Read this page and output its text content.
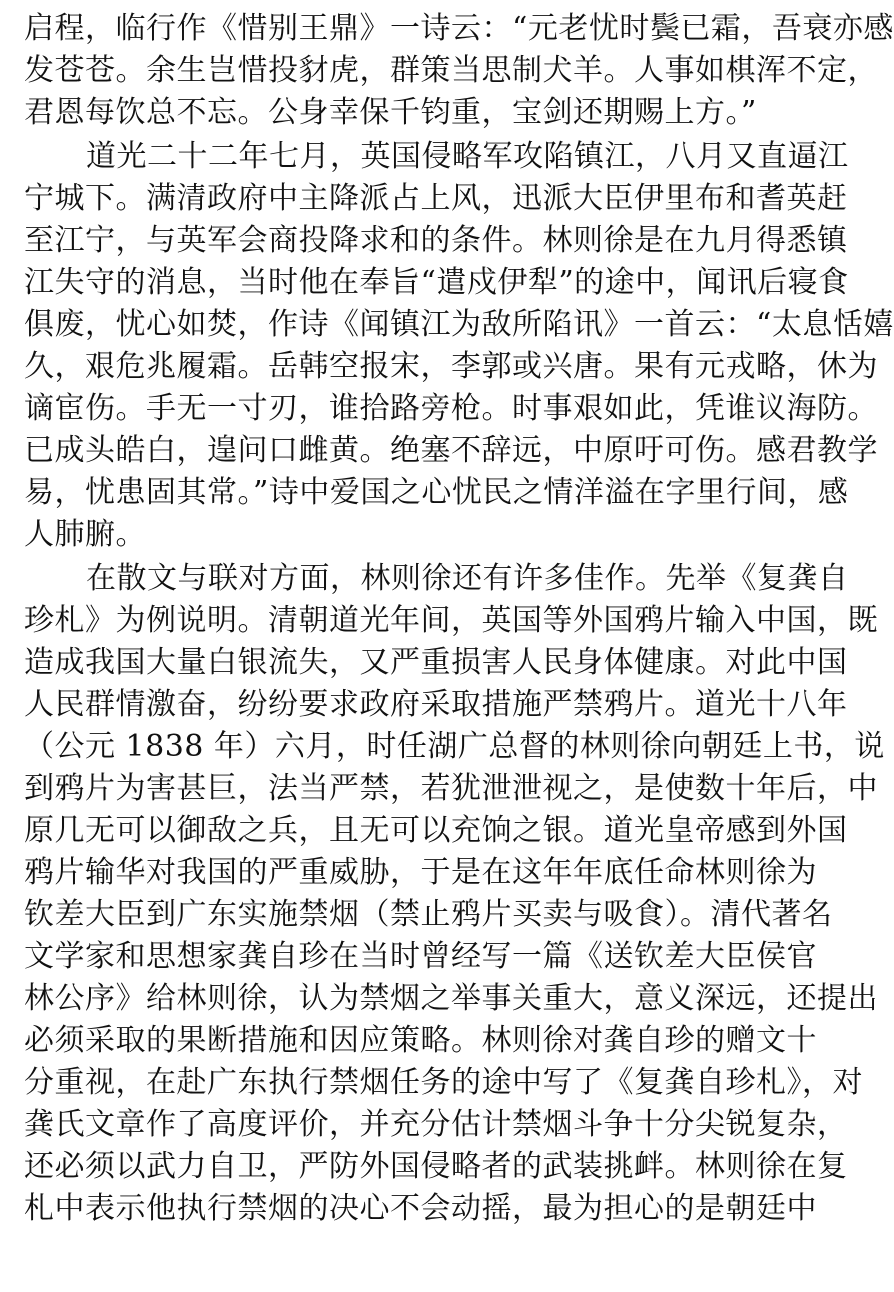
启程，临行作《惜别王鼎》一诗云：“元老忧时鬓已霜，吾衰亦感
发苍苍。余生岂惜投豺虎，群策当思制犬羊。人事如棋浑不定，
君恩每饮总不忘。公身幸保千钧重，宝剑还期赐上方。”
道光二十二年七月，英国侵略军攻陷镇江，八月又直逼江
宁城下。满清政府中主降派占上风，迅派大臣伊里布和耆英赶
至江宁，与英军会商投降求和的条件。林则徐是在九月得悉镇
江失守的消息，当时他在奉旨“遣戍伊犁”的途中，闻讯后寝食
俱废，忧心如焚，作诗《闻镇江为敌所陷讯》一首云：“太息恬嬉
久，艰危兆履霜。岳韩空报宋，李郭或兴唐。果有元戎略，休为
谪宦伤。手无一寸刃，谁拾路旁枪。时事艰如此，凭谁议海防。
已成头皓白，遑问口雌黄。绝塞不辞远，中原吁可伤。感君教学
易，忧患固其常。”诗中爱国之心忧民之情洋溢在字里行间，感
人肺腑。
在散文与联对方面，林则徐还有许多佳作。先举《复龚自
珍札》为例说明。清朝道光年间，英国等外国鸦片输入中国，既
造成我国大量白银流失，又严重损害人民身体健康。对此中国
人民群情激奋，纷纷要求政府采取措施严禁鸦片。道光十八年
（公元 1838 年）六月，时任湖广总督的林则徐向朝廷上书，说
到鸦片为害甚巨，法当严禁，若犹泄泄视之，是使数十年后，中
原几无可以御敌之兵，且无可以充饷之银。道光皇帝感到外国
鸦片输华对我国的严重威胁，于是在这年年底任命林则徐为
钦差大臣到广东实施禁烟（禁止鸦片买卖与吸食）。清代著名
文学家和思想家龚自珍在当时曾经写一篇《送钦差大臣侯官
林公序》给林则徐，认为禁烟之举事关重大，意义深远，还提出
必须采取的果断措施和因应策略。林则徐对龚自珍的赠文十
分重视，在赴广东执行禁烟任务的途中写了《复龚自珍札》，对
龚氏文章作了高度评价，并充分估计禁烟斗争十分尖锐复杂，
还必须以武力自卫，严防外国侵略者的武装挑衅。林则徐在复
札中表示他执行禁烟的决心不会动摇，最为担心的是朝廷中
